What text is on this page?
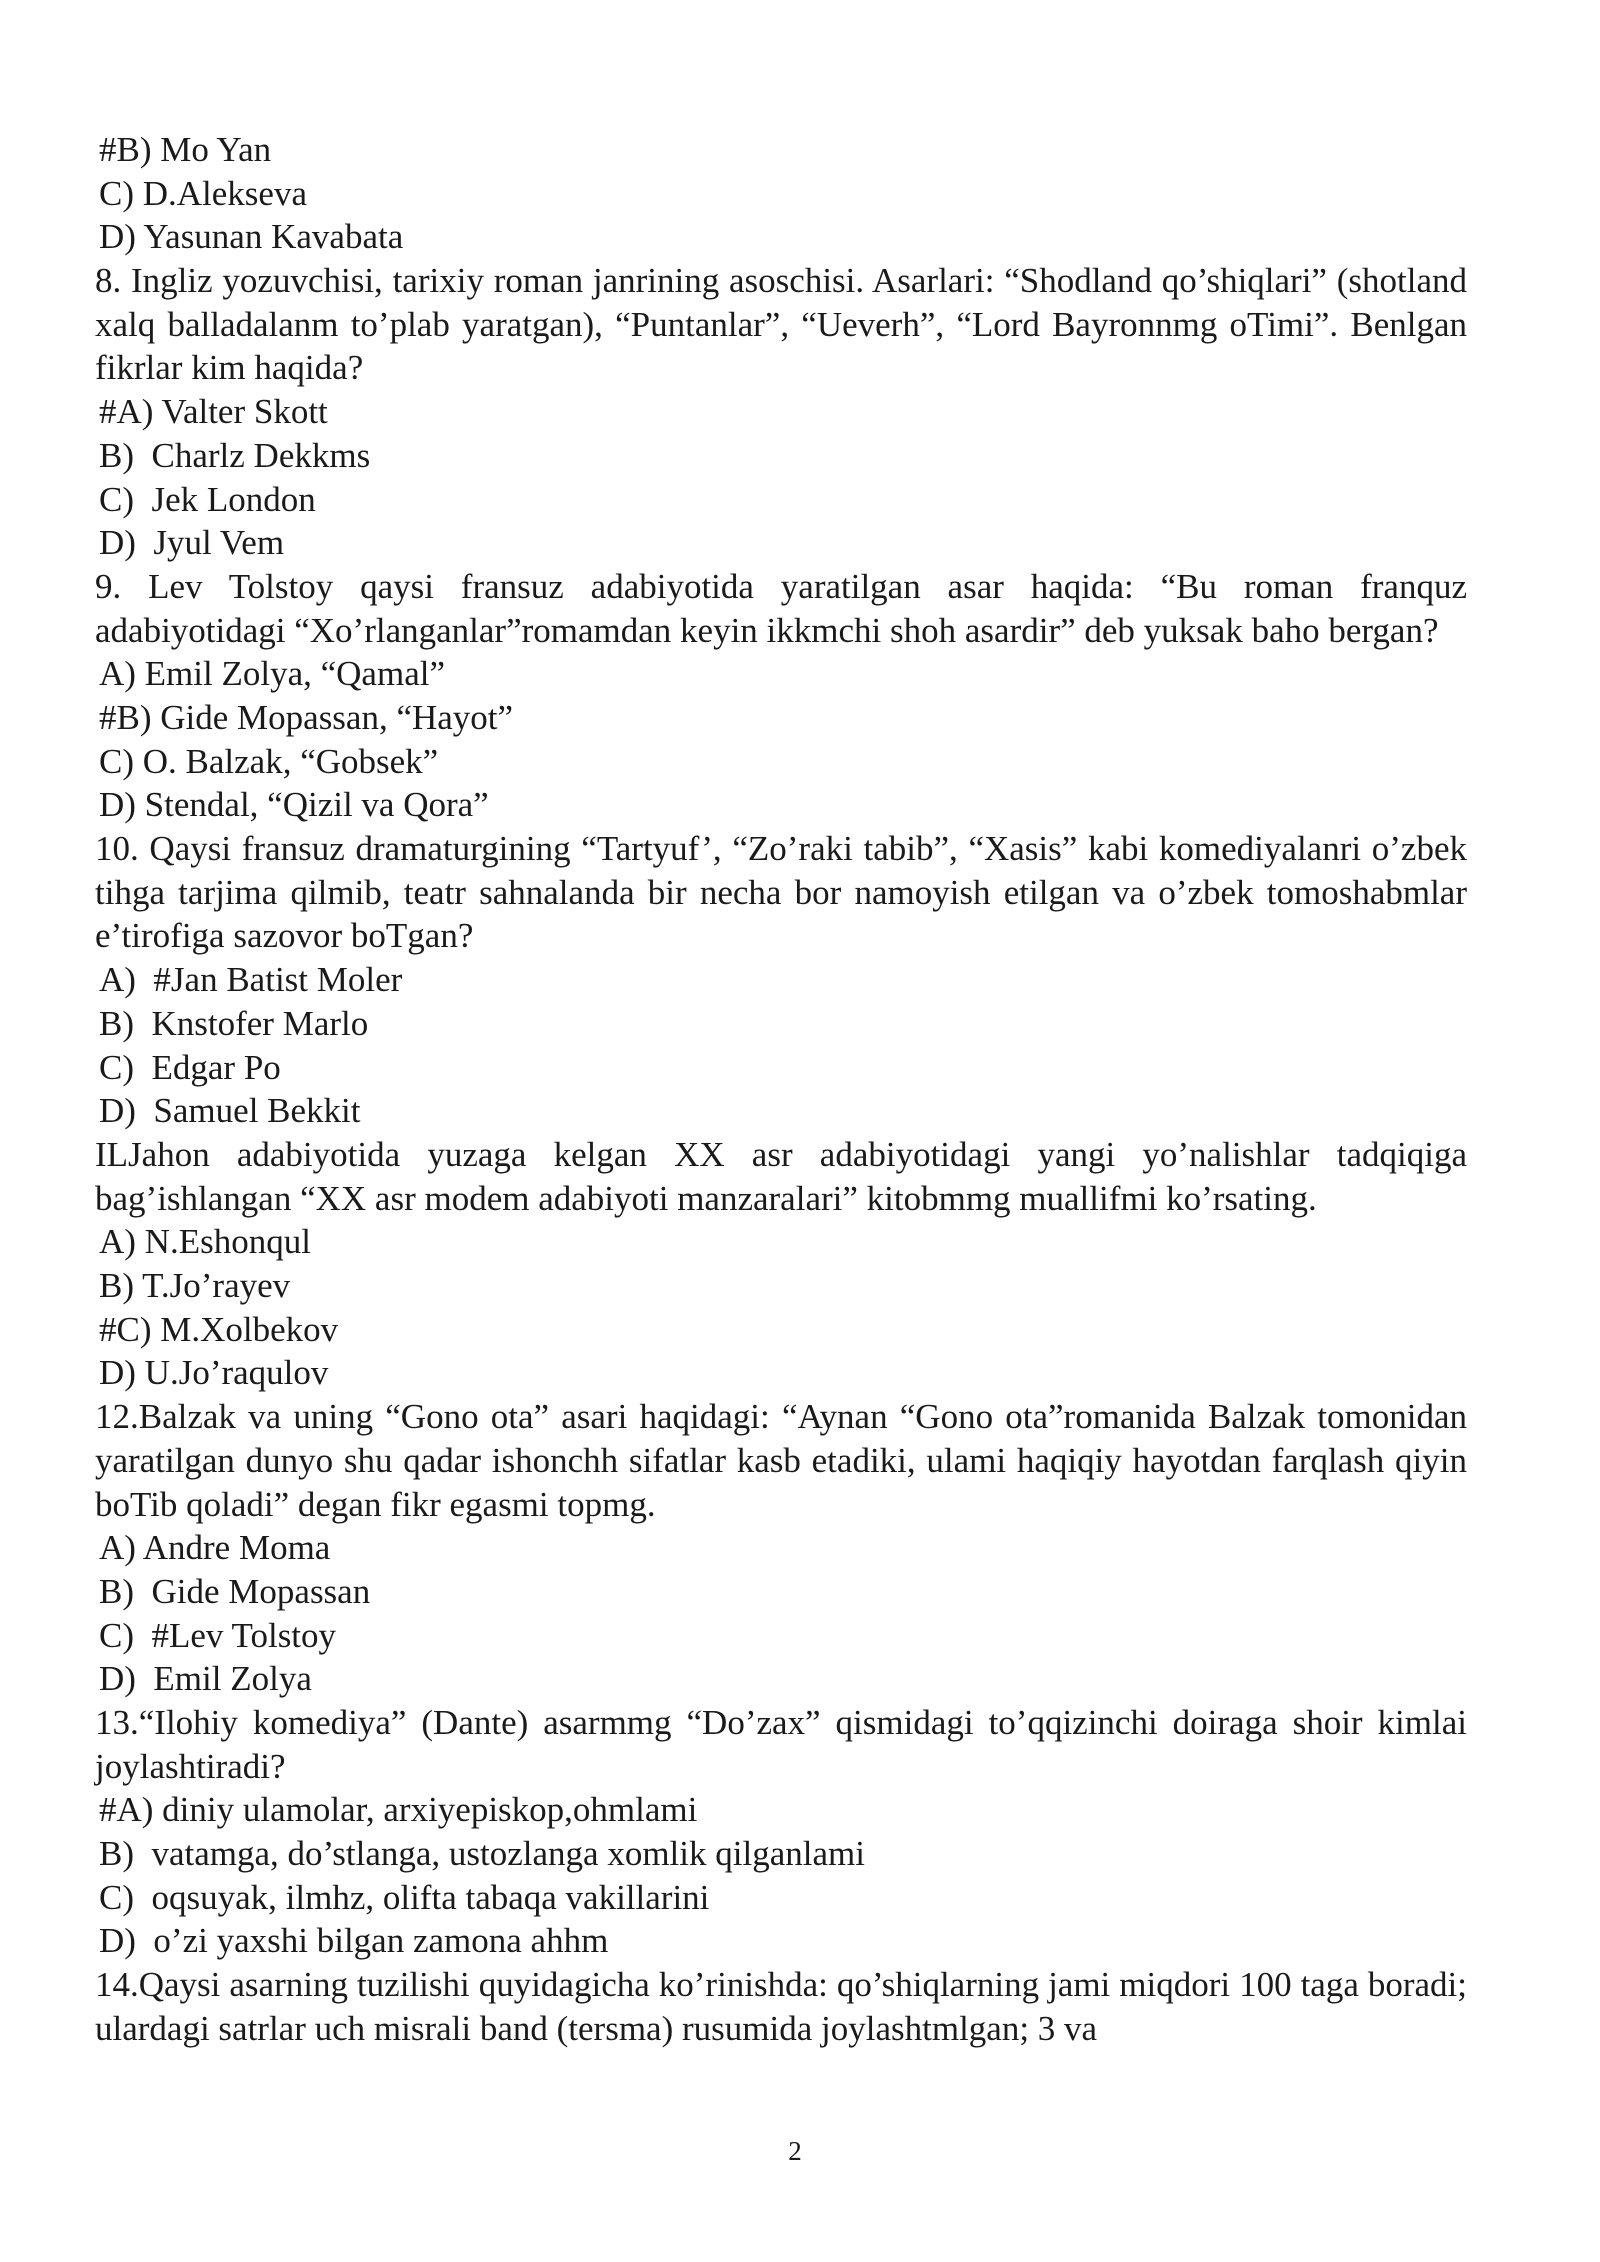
#B) Mo Yan
C) D.Alekseva
D) Yasunan Kavabata
8. Ingliz yozuvchisi, tarixiy roman janrining asoschisi. Asarlari: “Shodland qo’shiqlari” (shotland xalq balladalanm to’plab yaratgan), “Puntanlar”, “Ueverh”, “Lord Bayronnmg oTimi”. Benlgan fikrlar kim haqida?
#A) Valter Skott
B)  Charlz Dekkms
C)  Jek London
D)  Jyul Vem
9. Lev Tolstoy qaysi fransuz adabiyotida yaratilgan asar haqida: “Bu roman franquz adabiyotidagi “Xo’rlanganlar”romamdan keyin ikkmchi shoh asardir” deb yuksak baho bergan?
A) Emil Zolya, “Qamal”
#B) Gide Mopassan, “Hayot”
C) O. Balzak, “Gobsek”
D) Stendal, “Qizil va Qora”
10. Qaysi fransuz dramaturgining “Tartyuf’, “Zo’raki tabib”, “Xasis” kabi komediyalanri o’zbek tihga tarjima qilmib, teatr sahnalanda bir necha bor namoyish etilgan va o’zbek tomoshabmlar e’tirofiga sazovor boTgan?
A)  #Jan Batist Moler
B)  Knstofer Marlo
C)  Edgar Po
D)  Samuel Bekkit
ILJahon adabiyotida yuzaga kelgan XX asr adabiyotidagi yangi yo’nalishlar tadqiqiga bag’ishlangan “XX asr modem adabiyoti manzaralari” kitobmmg muallifmi ko’rsating.
A) N.Eshonqul
B) T.Jo’rayev
#C) M.Xolbekov
D) U.Jo’raqulov
12.Balzak va uning “Gono ota” asari haqidagi: “Aynan “Gono ota”romanida Balzak tomonidan yaratilgan dunyo shu qadar ishonchh sifatlar kasb etadiki, ulami haqiqiy hayotdan farqlash qiyin boTib qoladi” degan fikr egasmi topmg.
A) Andre Moma
B)  Gide Mopassan
C)  #Lev Tolstoy
D)  Emil Zolya
13.“Ilohiy komediya” (Dante) asarmmg “Do’zax” qismidagi to’qqizinchi doiraga shoir kimlai joylashtiradi?
#A) diniy ulamolar, arxiyepiskop,ohmlami
B)  vatamga, do’stlanga, ustozlanga xomlik qilganlami
C)  oqsuyak, ilmhz, olifta tabaqa vakillarini
D)  o’zi yaxshi bilgan zamona ahhm
14.Qaysi asarning tuzilishi quyidagicha ko’rinishda: qo’shiqlarning jami miqdori 100 taga boradi; ulardagi satrlar uch misrali band (tersma) rusumida joylashtmlgan; 3 va
2
